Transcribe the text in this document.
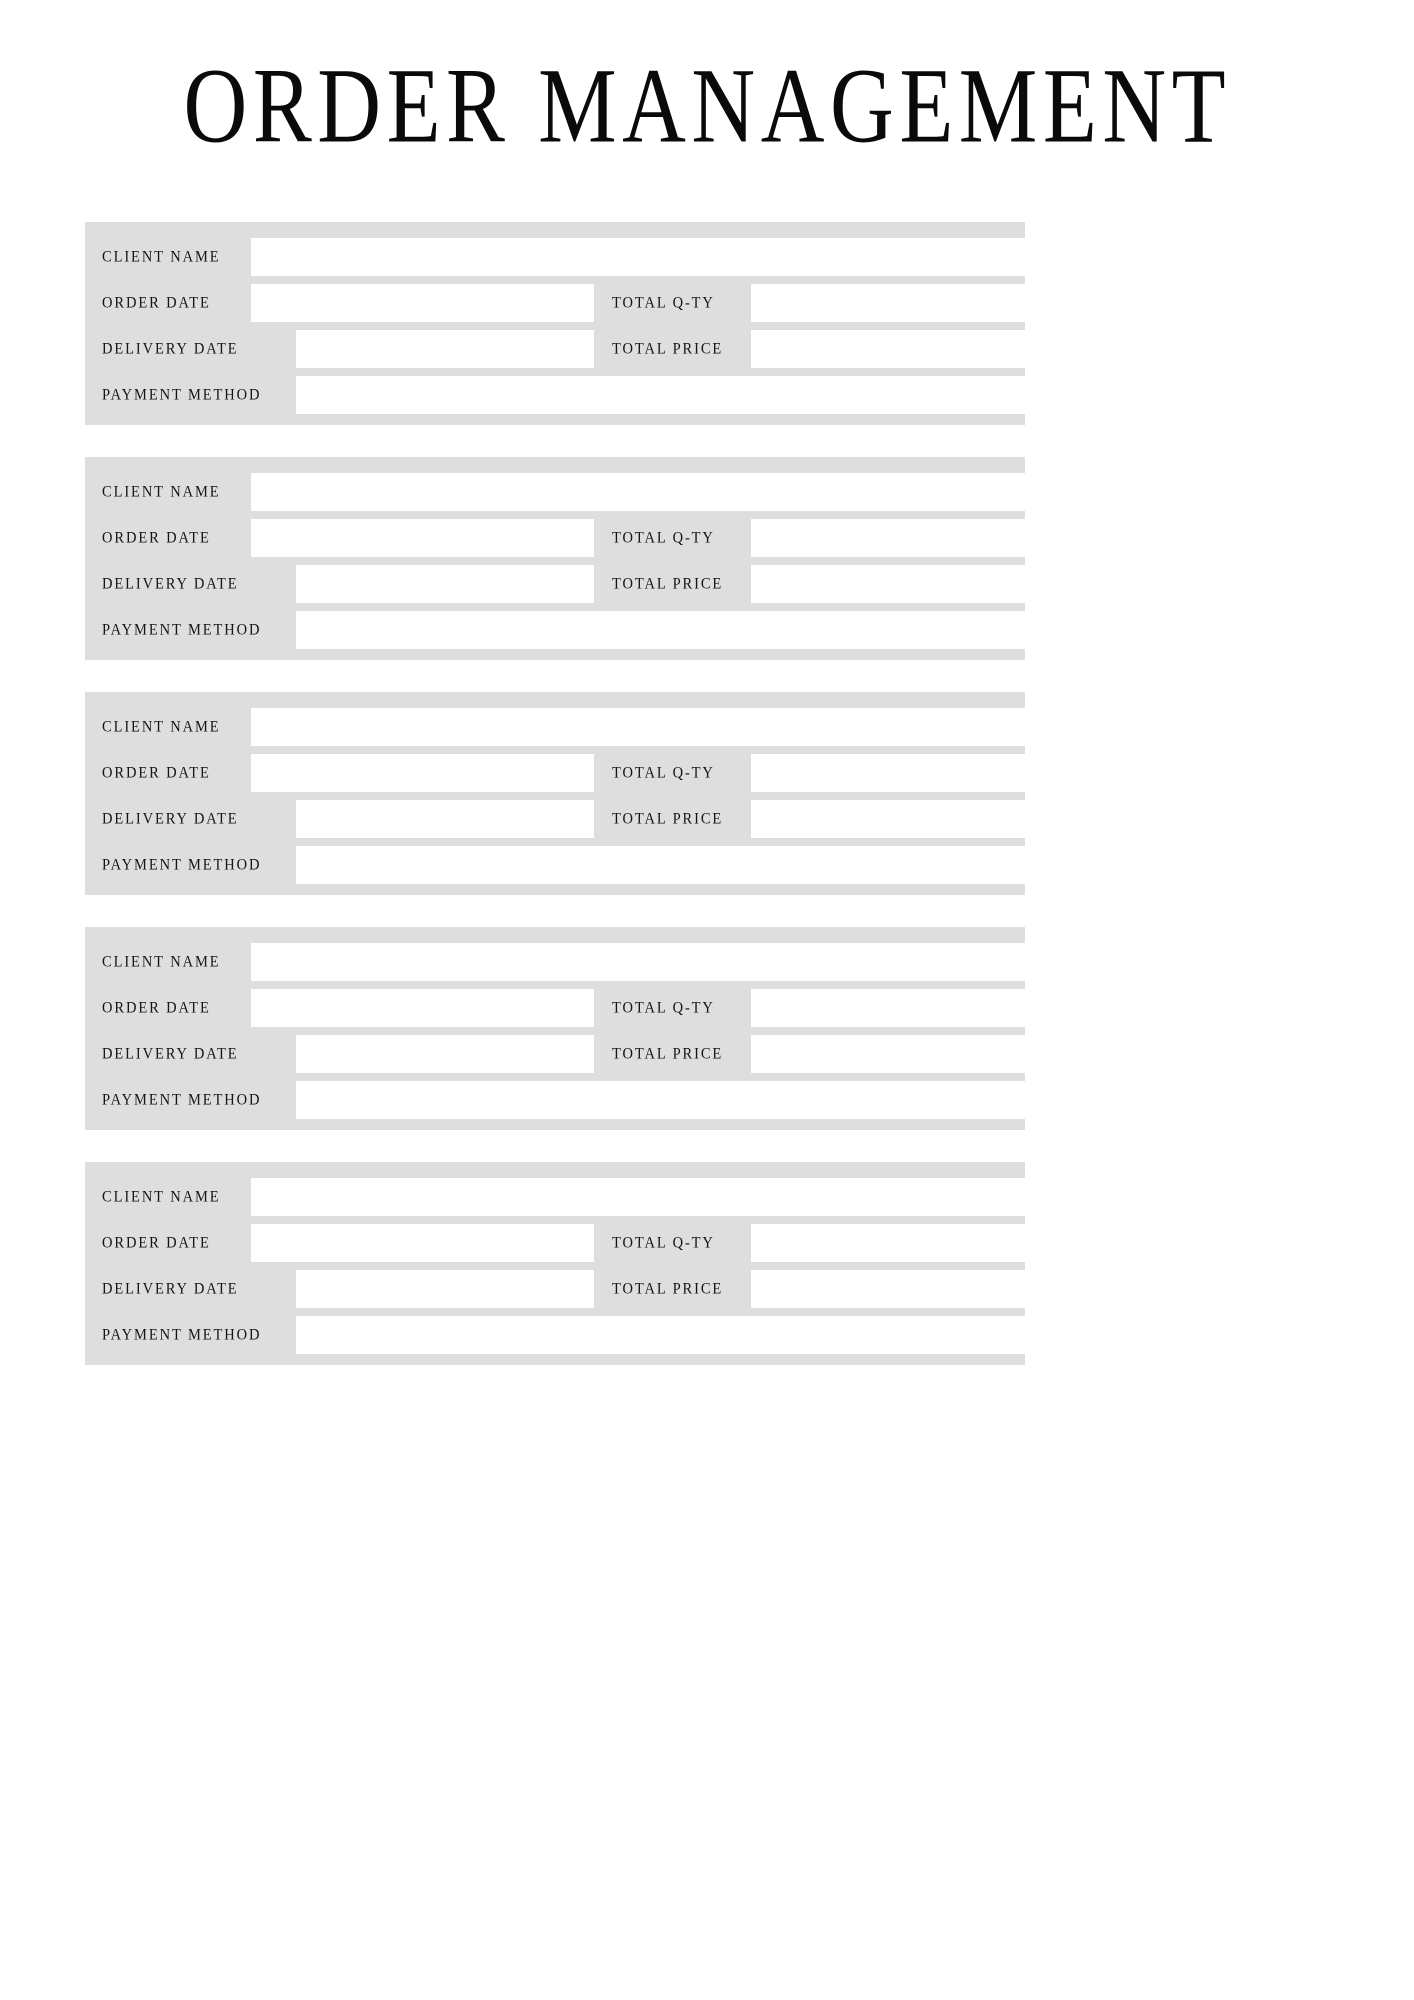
ORDER MANAGEMENT
CLIENT NAME
ORDER DATE	TOTAL Q-TY
DELIVERY DATE	TOTAL PRICE
PAYMENT METHOD
CLIENT NAME
ORDER DATE	TOTAL Q-TY
DELIVERY DATE	TOTAL PRICE
PAYMENT METHOD
CLIENT NAME
ORDER DATE	TOTAL Q-TY
DELIVERY DATE	TOTAL PRICE
PAYMENT METHOD
CLIENT NAME
ORDER DATE	TOTAL Q-TY
DELIVERY DATE	TOTAL PRICE
PAYMENT METHOD
CLIENT NAME
ORDER DATE	TOTAL Q-TY
DELIVERY DATE	TOTAL PRICE
PAYMENT METHOD
